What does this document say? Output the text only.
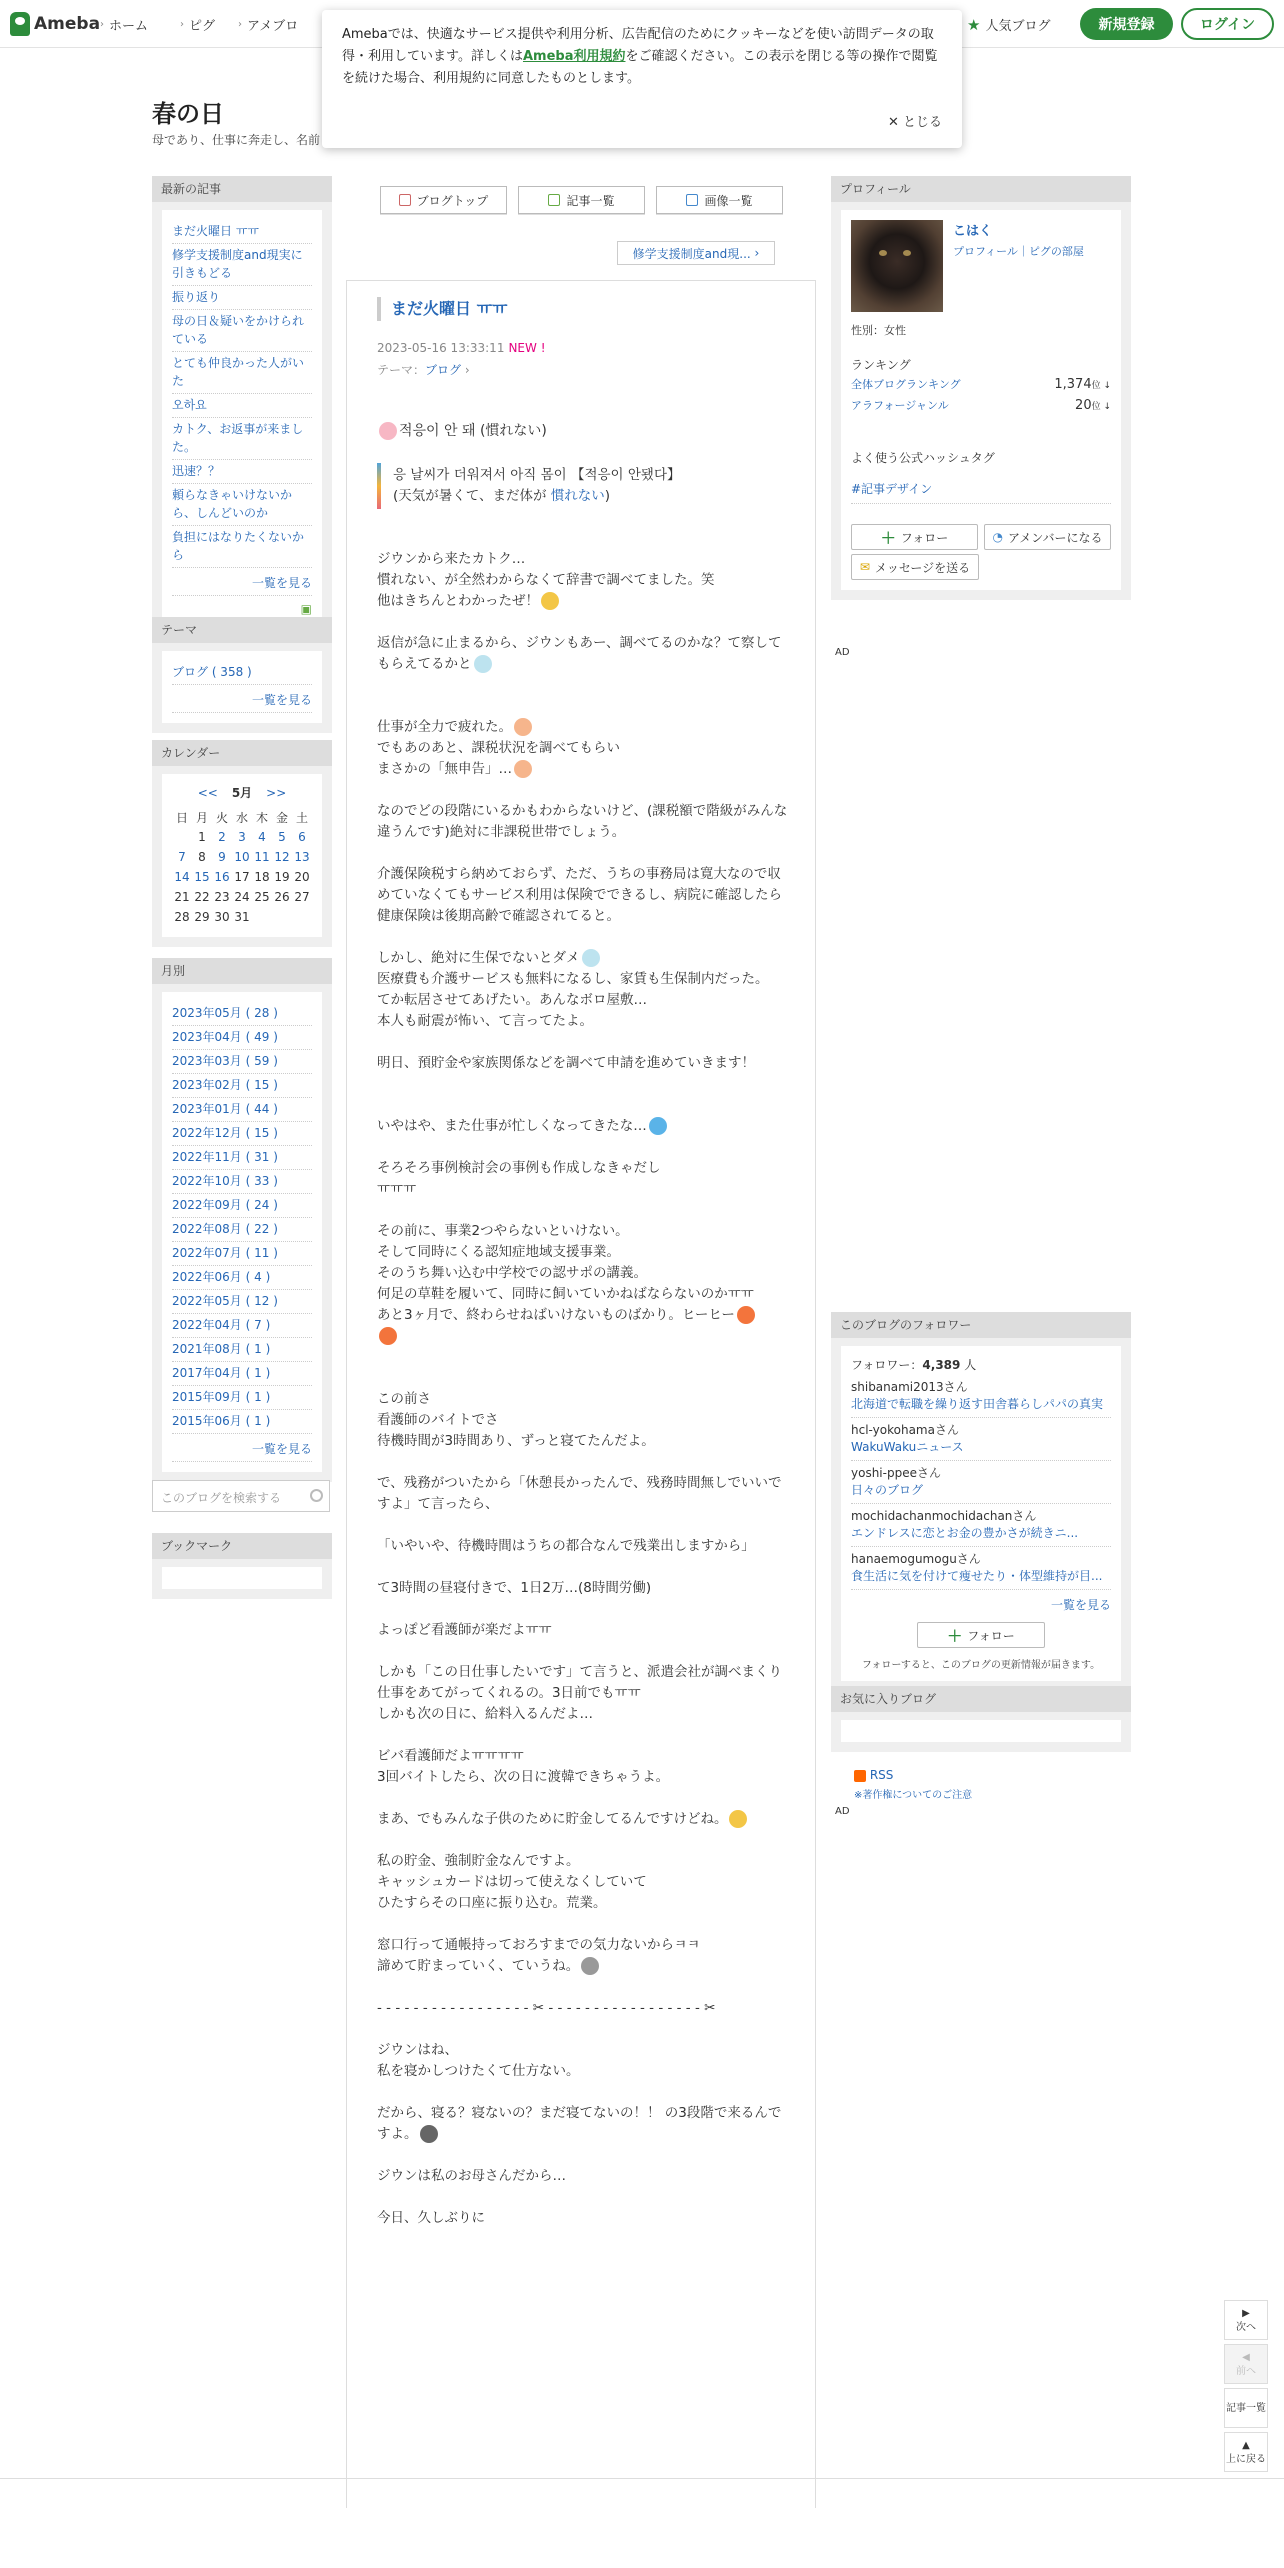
Ameba › ホーム	› ピグ › アメブロ	★ 人気ブログ	新規登録	ログイン
Amebaでは、快適なサービス提供や利用分析、広告配信のためにクッキーなどを使い訪問データの取得・利用しています。詳しくはAmeba利用規約をご確認ください。この表示を閉じる等の操作で閲覧を続けた場合、利用規約に同意したものとします。
✕ とじる
春の日
母であり、仕事に奔走し、名前
最新の記事
まだ火曜日 ㅠㅠ
修学支援制度and現実に引きもどる
振り返り
母の日＆疑いをかけられている
とても仲良かった人がいた
오하요
カトク、お返事が来ました。
迅速？？
頼らなきゃいけないから、しんどいのか
負担にはなりたくないから
一覧を見る
▣
テーマ
ブログ ( 358 )
一覧を見る
カレンダー
<< 5月 >>
日	月	火	水	木	金	土
	1	2	3	4	5	6
7	8	9	10	11	12	13
14	15	16	17	18	19	20
21	22	23	24	25	26	27
28	29	30	31			
月別
2023年05月 ( 28 )
2023年04月 ( 49 )
2023年03月 ( 59 )
2023年02月 ( 15 )
2023年01月 ( 44 )
2022年12月 ( 15 )
2022年11月 ( 31 )
2022年10月 ( 33 )
2022年09月 ( 24 )
2022年08月 ( 22 )
2022年07月 ( 11 )
2022年06月 ( 4 )
2022年05月 ( 12 )
2022年04月 ( 7 )
2021年08月 ( 1 )
2017年04月 ( 1 )
2015年09月 ( 1 )
2015年06月 ( 1 )
一覧を見る
このブログを検索する
ブックマーク
ブログトップ	記事一覧	画像一覧
修学支援制度and現... ›
まだ火曜日 ㅠㅠ
2023-05-16 13:33:11 NEW !
テーマ：ブログ ›
적응이 안 돼 (慣れない)
응 날씨가 더워져서 아직 몸이 【적응이 안됐다】
(天気が暑くて、まだ体が 慣れない)
ジウンから来たカトク…
慣れない、が全然わからなくて辞書で調べてました。笑
他はきちんとわかったぜ！

返信が急に止まるから、ジウンもあー、調べてるのかな？て察してもらえてるかと

仕事が全力で疲れた。

でもあのあと、課税状況を調べてもらい
まさかの「無申告」…

なのでどの段階にいるかもわからないけど、(課税額で階級がみんな違うんです)絶対に非課税世帯でしょう。
介護保険税すら納めておらず、ただ、うちの事務局は寛大なので収めていなくてもサービス利用は保険でできるし、病院に確認したら健康保険は後期高齢で確認されてると。
しかし、絶対に生保でないとダメ

医療費も介護サービスも無料になるし、家賃も生保制内だった。
てか転居させてあげたい。あんなボロ屋敷…
本人も耐震が怖い、て言ってたよ。
明日、預貯金や家族関係などを調べて申請を進めていきます！
いやはや、また仕事が忙しくなってきたな…

そろそろ事例検討会の事例も作成しなきゃだし
ㅠㅠㅠ
その前に、事業2つやらないといけない。
そして同時にくる認知症地域支援事業。
そのうち舞い込む中学校での認サポの講義。
何足の草鞋を履いて、同時に飼いていかねばならないのかㅠㅠ
あと3ヶ月で、終わらせねばいけないものばかり。ヒーヒー

この前さ
看護師のバイトでさ
待機時間が3時間あり、ずっと寝てたんだよ。
で、残務がついたから「休憩長かったんで、残務時間無しでいいですよ」て言ったら、
「いやいや、待機時間はうちの都合なんで残業出しますから」
て3時間の昼寝付きで、1日2万…(8時間労働)
よっぽど看護師が楽だよㅠㅠ
しかも「この日仕事したいです」て言うと、派遣会社が調べまくり
仕事をあてがってくれるの。3日前でもㅠㅠ
しかも次の日に、給料入るんだよ…
ビバ看護師だよㅠㅠㅠㅠ
3回バイトしたら、次の日に渡韓できちゃうよ。
まあ、でもみんな子供のために貯金してるんですけどね。

私の貯金、強制貯金なんですよ。
キャッシュカードは切って使えなくしていて
ひたすらその口座に振り込む。荒業。
窓口行って通帳持っておろすまでの気力ないからㅋㅋ
諦めて貯まっていく、ていうね。

- - - - - - - - - - - - - - - - - ✂ - - - - - - - - - - - - - - - - - ✂
ジウンはね、
私を寝かしつけたくて仕方ない。
だから、寝る？寝ないの？まだ寝てないの！！ の3段階で来るんですよ。

ジウンは私のお母さんだから…
今日、久しぶりに
プロフィール
こはく
プロフィール｜ピグの部屋
性別：女性
ランキング
全体ブログランキング	1,374位 ↓
アラフォージャンル	20位 ↓
よく使う公式ハッシュタグ
#記事デザイン
＋ フォロー	◔ アメンバーになる
✉ メッセージを送る
AD
このブログのフォロワー
フォロワー：4,389 人
shibanami2013さん
北海道で転職を繰り返す田舎暮らしパパの真実
hcl-yokohamaさん
WakuWakuニュース
yoshi-ppeeさん
日々のブログ
mochidachanmochidachanさん
エンドレスに恋とお金の豊かさが続きニ...
hanaemogumoguさん
食生活に気を付けて痩せたり・体型維持が目...
一覧を見る
＋ フォロー
フォローすると、このブログの更新情報が届きます。
お気に入りブログ
RSS
※著作権についてのご注意
AD
▶
次へ
◀
前へ
記事一覧
▲
上に戻る
